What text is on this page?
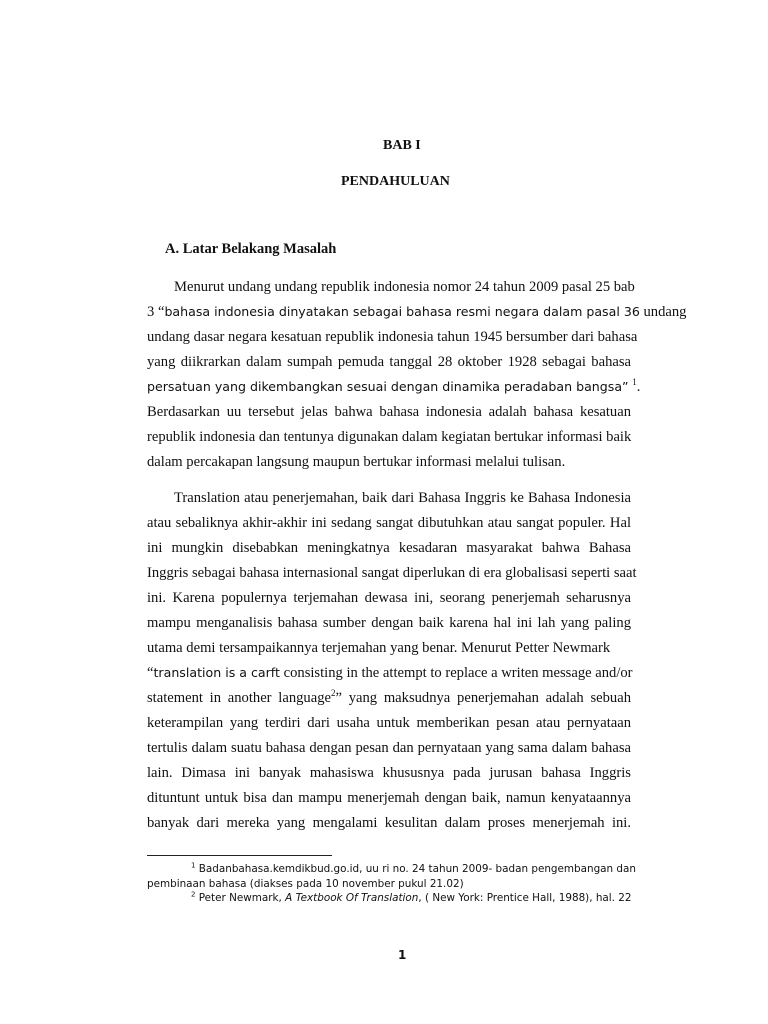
BAB I
PENDAHULUAN
A. Latar Belakang Masalah
Menurut undang undang republik indonesia nomor 24 tahun 2009 pasal 25 bab
3 “bahasa indonesia dinyatakan sebagai bahasa resmi negara dalam pasal 36 undang
undang dasar negara kesatuan republik indonesia tahun 1945 bersumber dari bahasa
yang diikrarkan dalam sumpah pemuda tanggal 28 oktober 1928 sebagai bahasa
persatuan yang dikembangkan sesuai dengan dinamika peradaban bangsa” $^1$.
Berdasarkan uu tersebut jelas bahwa bahasa indonesia adalah bahasa kesatuan
republik indonesia dan tentunya digunakan dalam kegiatan bertukar informasi baik
dalam percakapan langsung maupun bertukar informasi melalui tulisan.
Translation atau penerjemahan, baik dari Bahasa Inggris ke Bahasa Indonesia
atau sebaliknya akhir-akhir ini sedang sangat dibutuhkan atau sangat populer. Hal
ini mungkin disebabkan meningkatnya kesadaran masyarakat bahwa Bahasa
Inggris sebagai bahasa internasional sangat diperlukan di era globalisasi seperti saat
ini. Karena populernya terjemahan dewasa ini, seorang penerjemah seharusnya
mampu menganalisis bahasa sumber dengan baik karena hal ini lah yang paling
utama demi tersampaikannya terjemahan yang benar. Menurut Petter Newmark
“translation is a carft consisting in the attempt to replace a writen message and/or
statement in another language$^2$” yang maksudnya penerjemahan adalah sebuah
keterampilan yang terdiri dari usaha untuk memberikan pesan atau pernyataan
tertulis dalam suatu bahasa dengan pesan dan pernyataan yang sama dalam bahasa
lain. Dimasa ini banyak mahasiswa khususnya pada jurusan bahasa Inggris
dituntunt untuk bisa dan mampu menerjemah dengan baik, namun kenyataannya
banyak dari mereka yang mengalami kesulitan dalam proses menerjemah ini.
$^1$ Badanbahasa.kemdikbud.go.id, uu ri no. 24 tahun 2009- badan pengembangan dan
pembinaan bahasa (diakses pada 10 november pukul 21.02)
$^2$ Peter Newmark, A Textbook Of Translation, ( New York: Prentice Hall, 1988), hal. 22
1
